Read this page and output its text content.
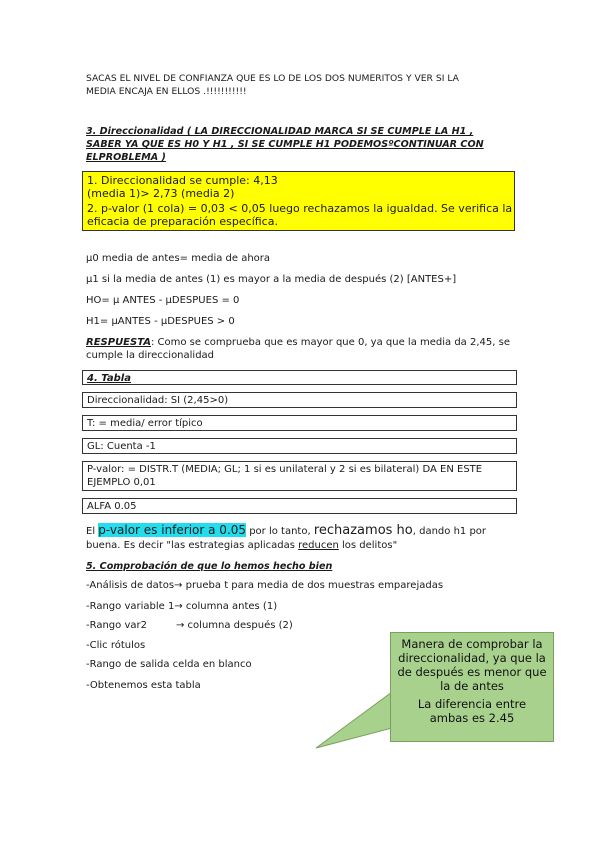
SACAS EL NIVEL DE CONFIANZA QUE ES LO DE LOS DOS NUMERITOS Y VER SI LA
MEDIA ENCAJA EN ELLOS .!!!!!!!!!!!
3. Direccionalidad ( LA DIRECCIONALIDAD MARCA SI SE CUMPLE LA H1 ,
SABER YA QUE ES H0 Y H1 , SI SE CUMPLE H1 PODEMOSºCONTINUAR CON
ELPROBLEMA )
1. Direccionalidad se cumple: 4,13
(media 1)> 2,73 (media 2)
2. p-valor (1 cola) = 0,03 < 0,05 luego rechazamos la igualdad. Se verifica la
eficacia de preparación específica.
µ0 media de antes= media de ahora
µ1 si la media de antes (1) es mayor a la media de después (2) [ANTES+]
HO= µ ANTES - µDESPUES = 0
H1= µANTES - µDESPUES > 0
RESPUESTA: Como se comprueba que es mayor que 0, ya que la media da 2,45, se
cumple la direccionalidad
4. Tabla
Direccionalidad: SI (2,45>0)
T: = media/ error típico
GL: Cuenta -1
P-valor: = DISTR.T (MEDIA; GL; 1 si es unilateral y 2 si es bilateral) DA EN ESTE
EJEMPLO 0,01
ALFA 0.05
El p-valor es inferior a 0.05 por lo tanto, rechazamos ho, dando h1 por
buena. Es decir "las estrategias aplicadas reducen los delitos"
5. Comprobación de que lo hemos hecho bien
-Análisis de datos→ prueba t para media de dos muestras emparejadas
-Rango variable 1→ columna antes (1)
-Rango var2	→ columna después (2)
-Clic rótulos
-Rango de salida celda en blanco
-Obtenemos esta tabla

Manera de comprobar la direccionalidad, ya que la de después es menor que la de antes

La diferencia entre ambas es 2.45
